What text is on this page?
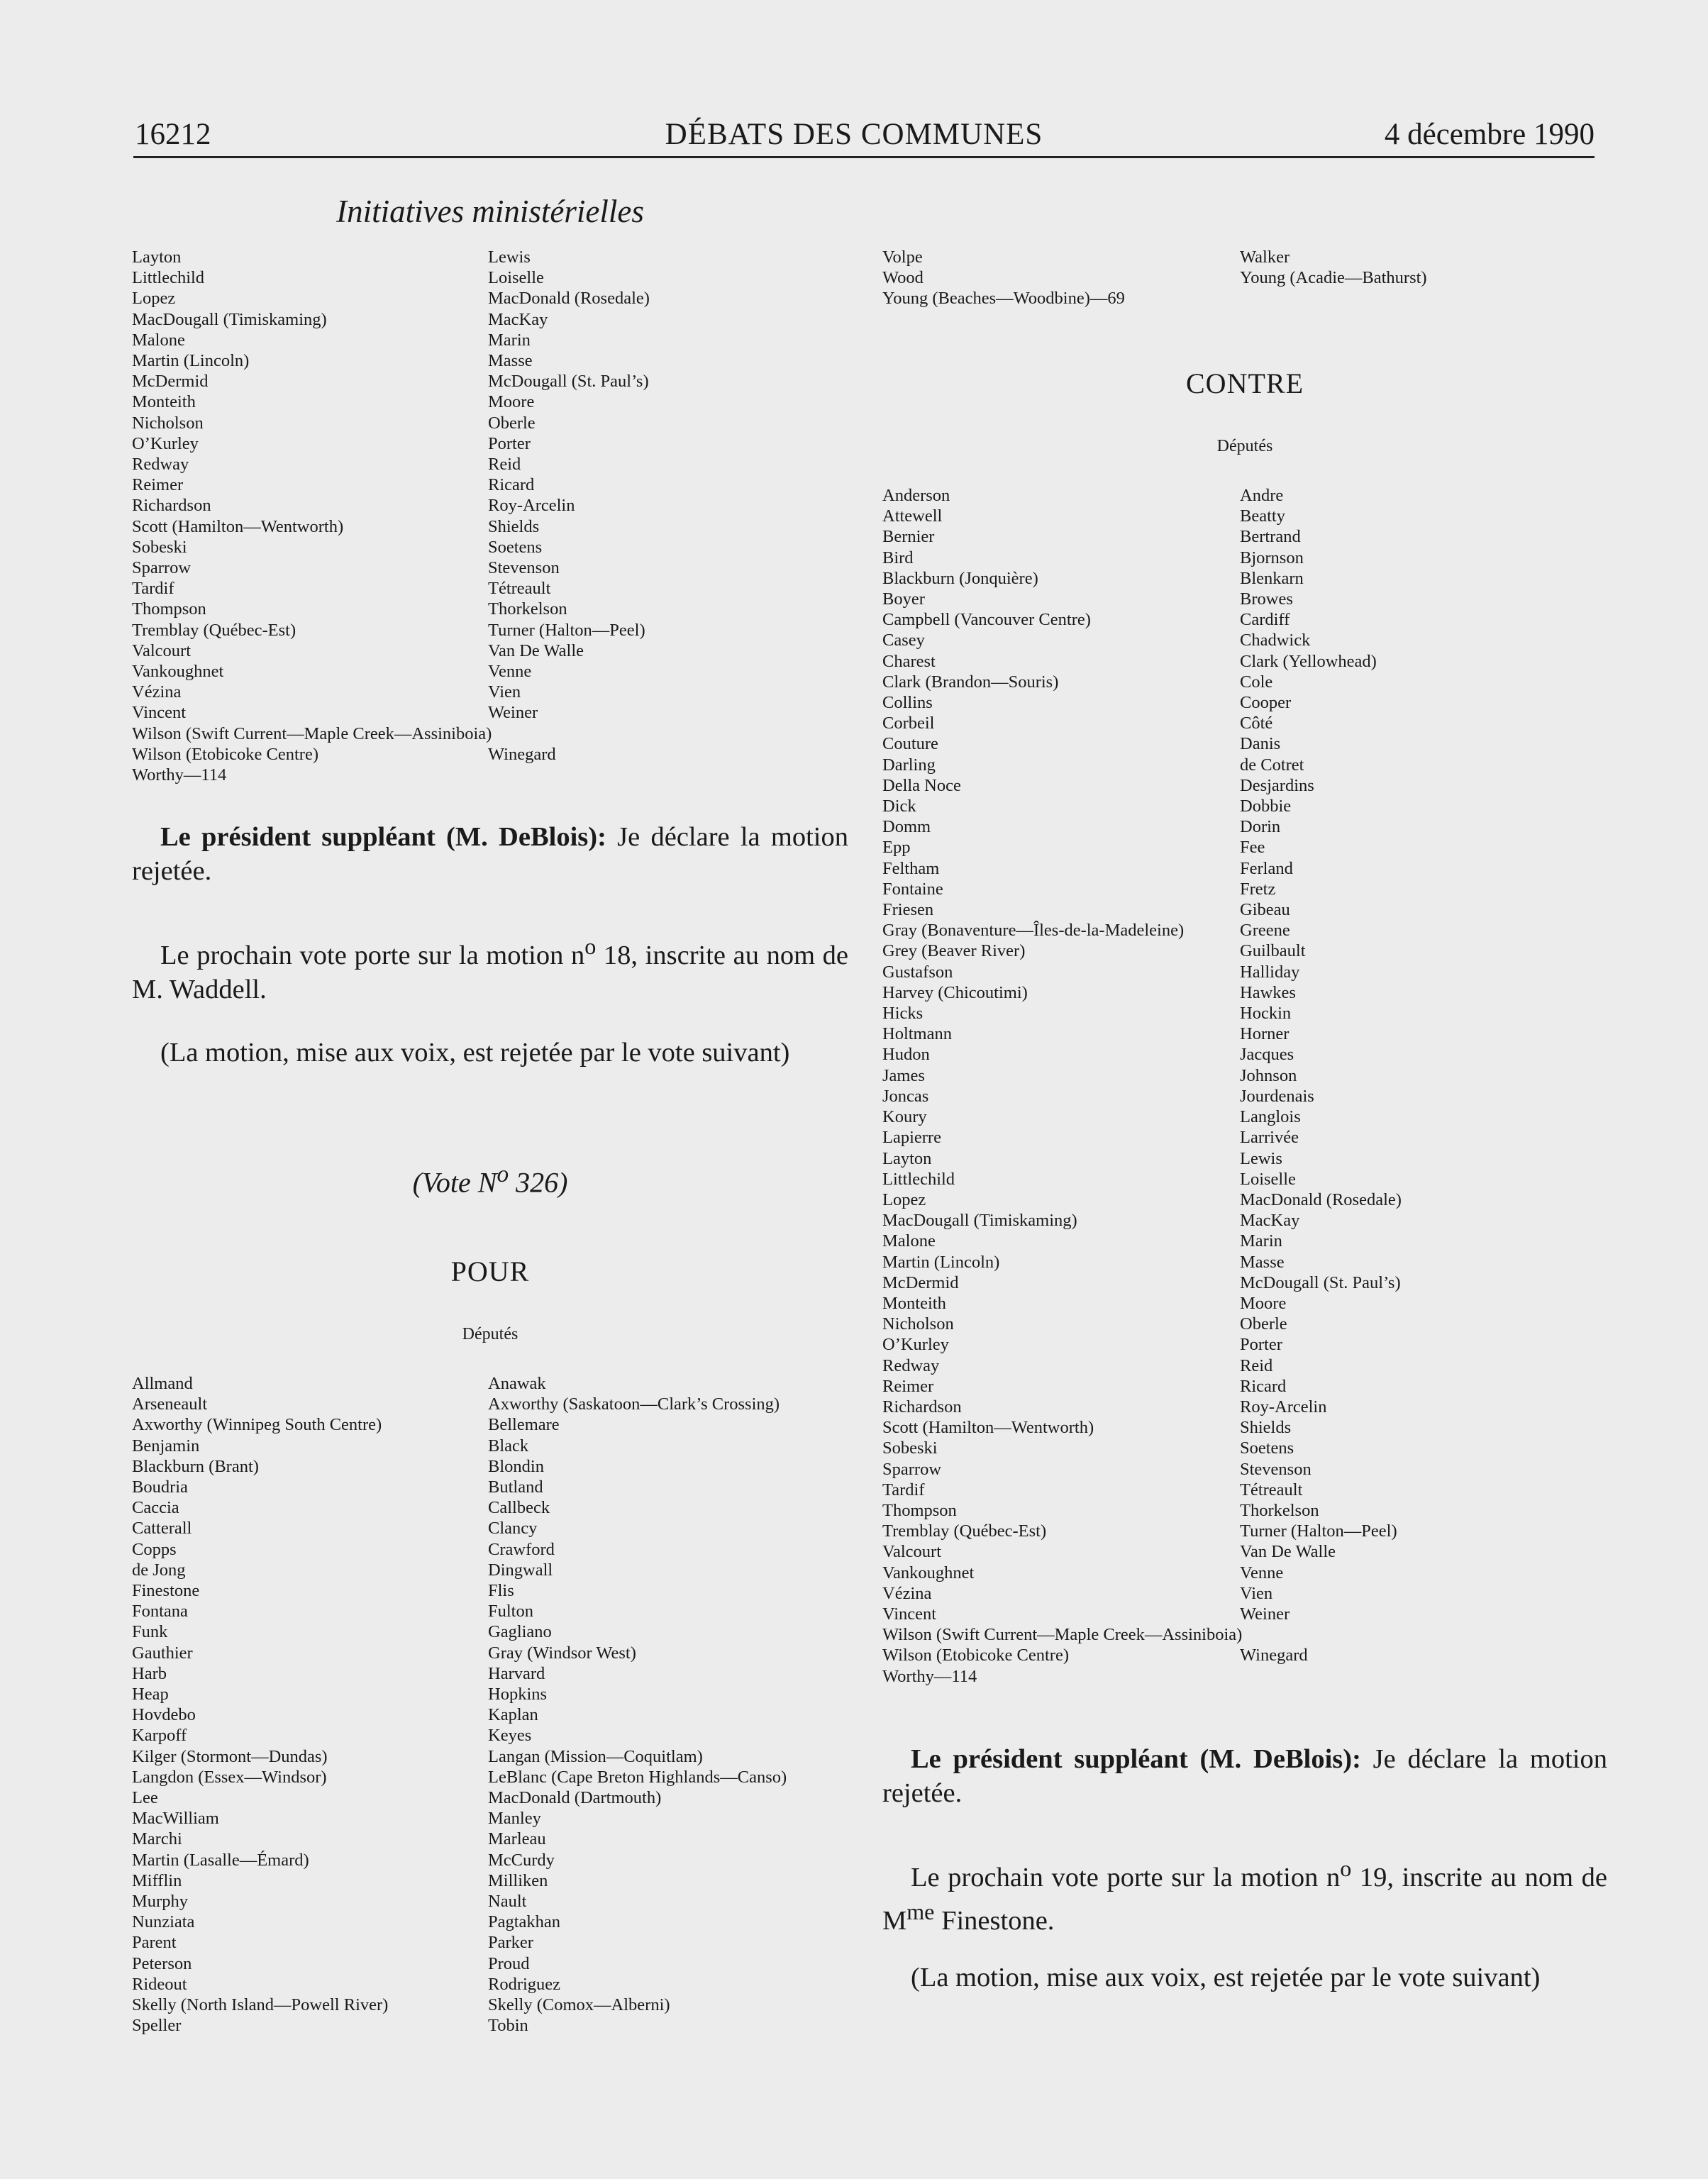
DÉBATS DES COMMUNES
16212	4 décembre 1990
Initiatives ministérielles
Layton	Lewis
Littlechild	Loiselle
Lopez	MacDonald (Rosedale)
MacDougall (Timiskaming)	MacKay
Malone	Marin
Martin (Lincoln)	Masse
McDermid	McDougall (St. Paul’s)
Monteith	Moore
Nicholson	Oberle
O’Kurley	Porter
Redway	Reid
Reimer	Ricard
Richardson	Roy-Arcelin
Scott (Hamilton—Wentworth)	Shields
Sobeski	Soetens
Sparrow	Stevenson
Tardif	Tétreault
Thompson	Thorkelson
Tremblay (Québec-Est)	Turner (Halton—Peel)
Valcourt	Van De Walle
Vankoughnet	Venne
Vézina	Vien
Vincent	Weiner
Wilson (Swift Current—Maple Creek—Assiniboia)
Wilson (Etobicoke Centre)	Winegard
Worthy—114

Le président suppléant (M. DeBlois): Je déclare la motion rejetée.

Le prochain vote porte sur la motion $n^o$ 18, inscrite au nom de M. Waddell.

(La motion, mise aux voix, est rejetée par le vote suivant)

(Vote $N^o$ 326)
POUR
Députés
Allmand	Anawak
Arseneault	Axworthy (Saskatoon—Clark’s Crossing)
Axworthy (Winnipeg South Centre)	Bellemare
Benjamin	Black
Blackburn (Brant)	Blondin
Boudria	Butland
Caccia	Callbeck
Catterall	Clancy
Copps	Crawford
de Jong	Dingwall
Finestone	Flis
Fontana	Fulton
Funk	Gagliano
Gauthier	Gray (Windsor West)
Harb	Harvard
Heap	Hopkins
Hovdebo	Kaplan
Karpoff	Keyes
Kilger (Stormont—Dundas)	Langan (Mission—Coquitlam)
Langdon (Essex—Windsor)	LeBlanc (Cape Breton Highlands—Canso)
Lee	MacDonald (Dartmouth)
MacWilliam	Manley
Marchi	Marleau
Martin (Lasalle—Émard)	McCurdy
Mifflin	Milliken
Murphy	Nault
Nunziata	Pagtakhan
Parent	Parker
Peterson	Proud
Rideout	Rodriguez
Skelly (North Island—Powell River)	Skelly (Comox—Alberni)
Speller	Tobin
Volpe	Walker
Wood	Young (Acadie—Bathurst)
Young (Beaches—Woodbine)—69
CONTRE
Députés
Anderson	Andre
Attewell	Beatty
Bernier	Bertrand
Bird	Bjornson
Blackburn (Jonquière)	Blenkarn
Boyer	Browes
Campbell (Vancouver Centre)	Cardiff
Casey	Chadwick
Charest	Clark (Yellowhead)
Clark (Brandon—Souris)	Cole
Collins	Cooper
Corbeil	Côté
Couture	Danis
Darling	de Cotret
Della Noce	Desjardins
Dick	Dobbie
Domm	Dorin
Epp	Fee
Feltham	Ferland
Fontaine	Fretz
Friesen	Gibeau
Gray (Bonaventure—Îles-de-la-Madeleine)	Greene
Grey (Beaver River)	Guilbault
Gustafson	Halliday
Harvey (Chicoutimi)	Hawkes
Hicks	Hockin
Holtmann	Horner
Hudon	Jacques
James	Johnson
Joncas	Jourdenais
Koury	Langlois
Lapierre	Larrivée
Layton	Lewis
Littlechild	Loiselle
Lopez	MacDonald (Rosedale)
MacDougall (Timiskaming)	MacKay
Malone	Marin
Martin (Lincoln)	Masse
McDermid	McDougall (St. Paul’s)
Monteith	Moore
Nicholson	Oberle
O’Kurley	Porter
Redway	Reid
Reimer	Ricard
Richardson	Roy-Arcelin
Scott (Hamilton—Wentworth)	Shields
Sobeski	Soetens
Sparrow	Stevenson
Tardif	Tétreault
Thompson	Thorkelson
Tremblay (Québec-Est)	Turner (Halton—Peel)
Valcourt	Van De Walle
Vankoughnet	Venne
Vézina	Vien
Vincent	Weiner
Wilson (Swift Current—Maple Creek—Assiniboia)
Wilson (Etobicoke Centre)	Winegard
Worthy—114

Le président suppléant (M. DeBlois): Je déclare la motion rejetée.

Le prochain vote porte sur la motion $n^o$ 19, inscrite au nom de $M^{me}$ Finestone.

(La motion, mise aux voix, est rejetée par le vote suivant)
